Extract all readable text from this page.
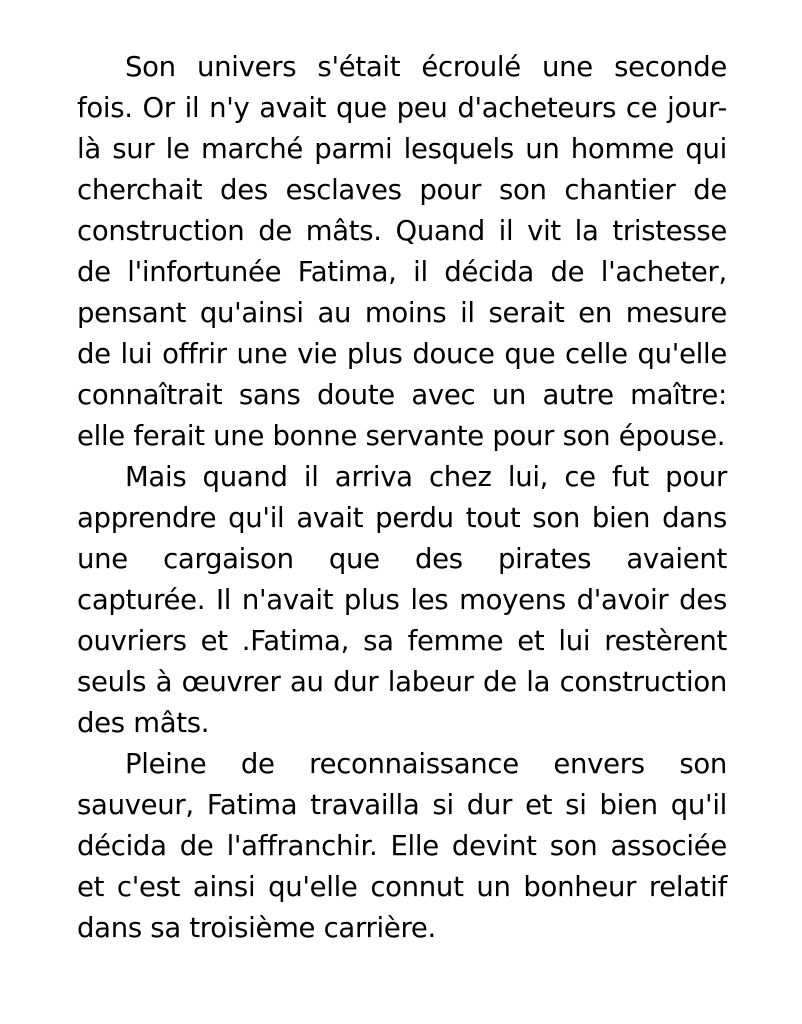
Son univers s'était écroulé une seconde fois. Or il n'y avait que peu d'acheteurs ce jour-là sur le marché parmi lesquels un homme qui cherchait des esclaves pour son chantier de construction de mâts. Quand il vit la tristesse de l'infortunée Fatima, il décida de l'acheter, pensant qu'ainsi au moins il serait en mesure de lui offrir une vie plus douce que celle qu'elle connaîtrait sans doute avec un autre maître: elle ferait une bonne servante pour son épouse.

Mais quand il arriva chez lui, ce fut pour apprendre qu'il avait perdu tout son bien dans une cargaison que des pirates avaient capturée. Il n'avait plus les moyens d'avoir des ouvriers et .Fatima, sa femme et lui restèrent seuls à œuvrer au dur labeur de la construction des mâts.

Pleine de reconnaissance envers son sauveur, Fatima travailla si dur et si bien qu'il décida de l'affranchir. Elle devint son associée et c'est ainsi qu'elle connut un bonheur relatif dans sa troisième carrière.
